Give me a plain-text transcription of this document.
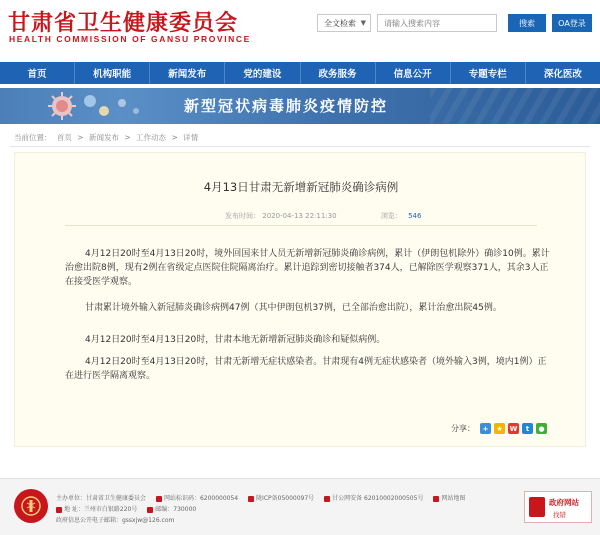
甘肃省卫生健康委员会
HEALTH COMMISSION OF GANSU PROVINCE
全文检索 ▼
请输入搜索内容	搜索	OA登录
首页	机构职能	新闻发布	党的建设	政务服务	信息公开	专题专栏	深化医改
新型冠状病毒肺炎疫情防控
当前位置： 首页 > 新闻发布 > 工作动态 > 详情
4月13日甘肃无新增新冠肺炎确诊病例
发布时间： 2020-04-13 22:11:30	浏览： 546

4月12日20时至4月13日20时，境外回国来甘人员无新增新冠肺炎确诊病例，累计（伊朗包机除外）确诊10例。累计治愈出院8例，现有2例在省级定点医院住院隔离治疗。累计追踪到密切接触者374人，已解除医学观察371人，其余3人正在接受医学观察。

甘肃累计境外输入新冠肺炎确诊病例47例（其中伊朗包机37例，已全部治愈出院），累计治愈出院45例。

4月12日20时至4月13日20时，甘肃本地无新增新冠肺炎确诊和疑似病例。

4月12日20时至4月13日20时，甘肃无新增无症状感染者。甘肃现有4例无症状感染者（境外输入3例，境内1例）正在进行医学隔离观察。

分享：	+	★ W	t	●
主办单位：甘肃省卫生健康委员会	网站标识码：6200000054	陇ICP备05000097号	甘公网安备 62010002000505号	网站地图
地 址：兰州市白银路220号	邮编：730000
政府信息公开电子邮箱：gssxjw@126.com
政府网站
找错
